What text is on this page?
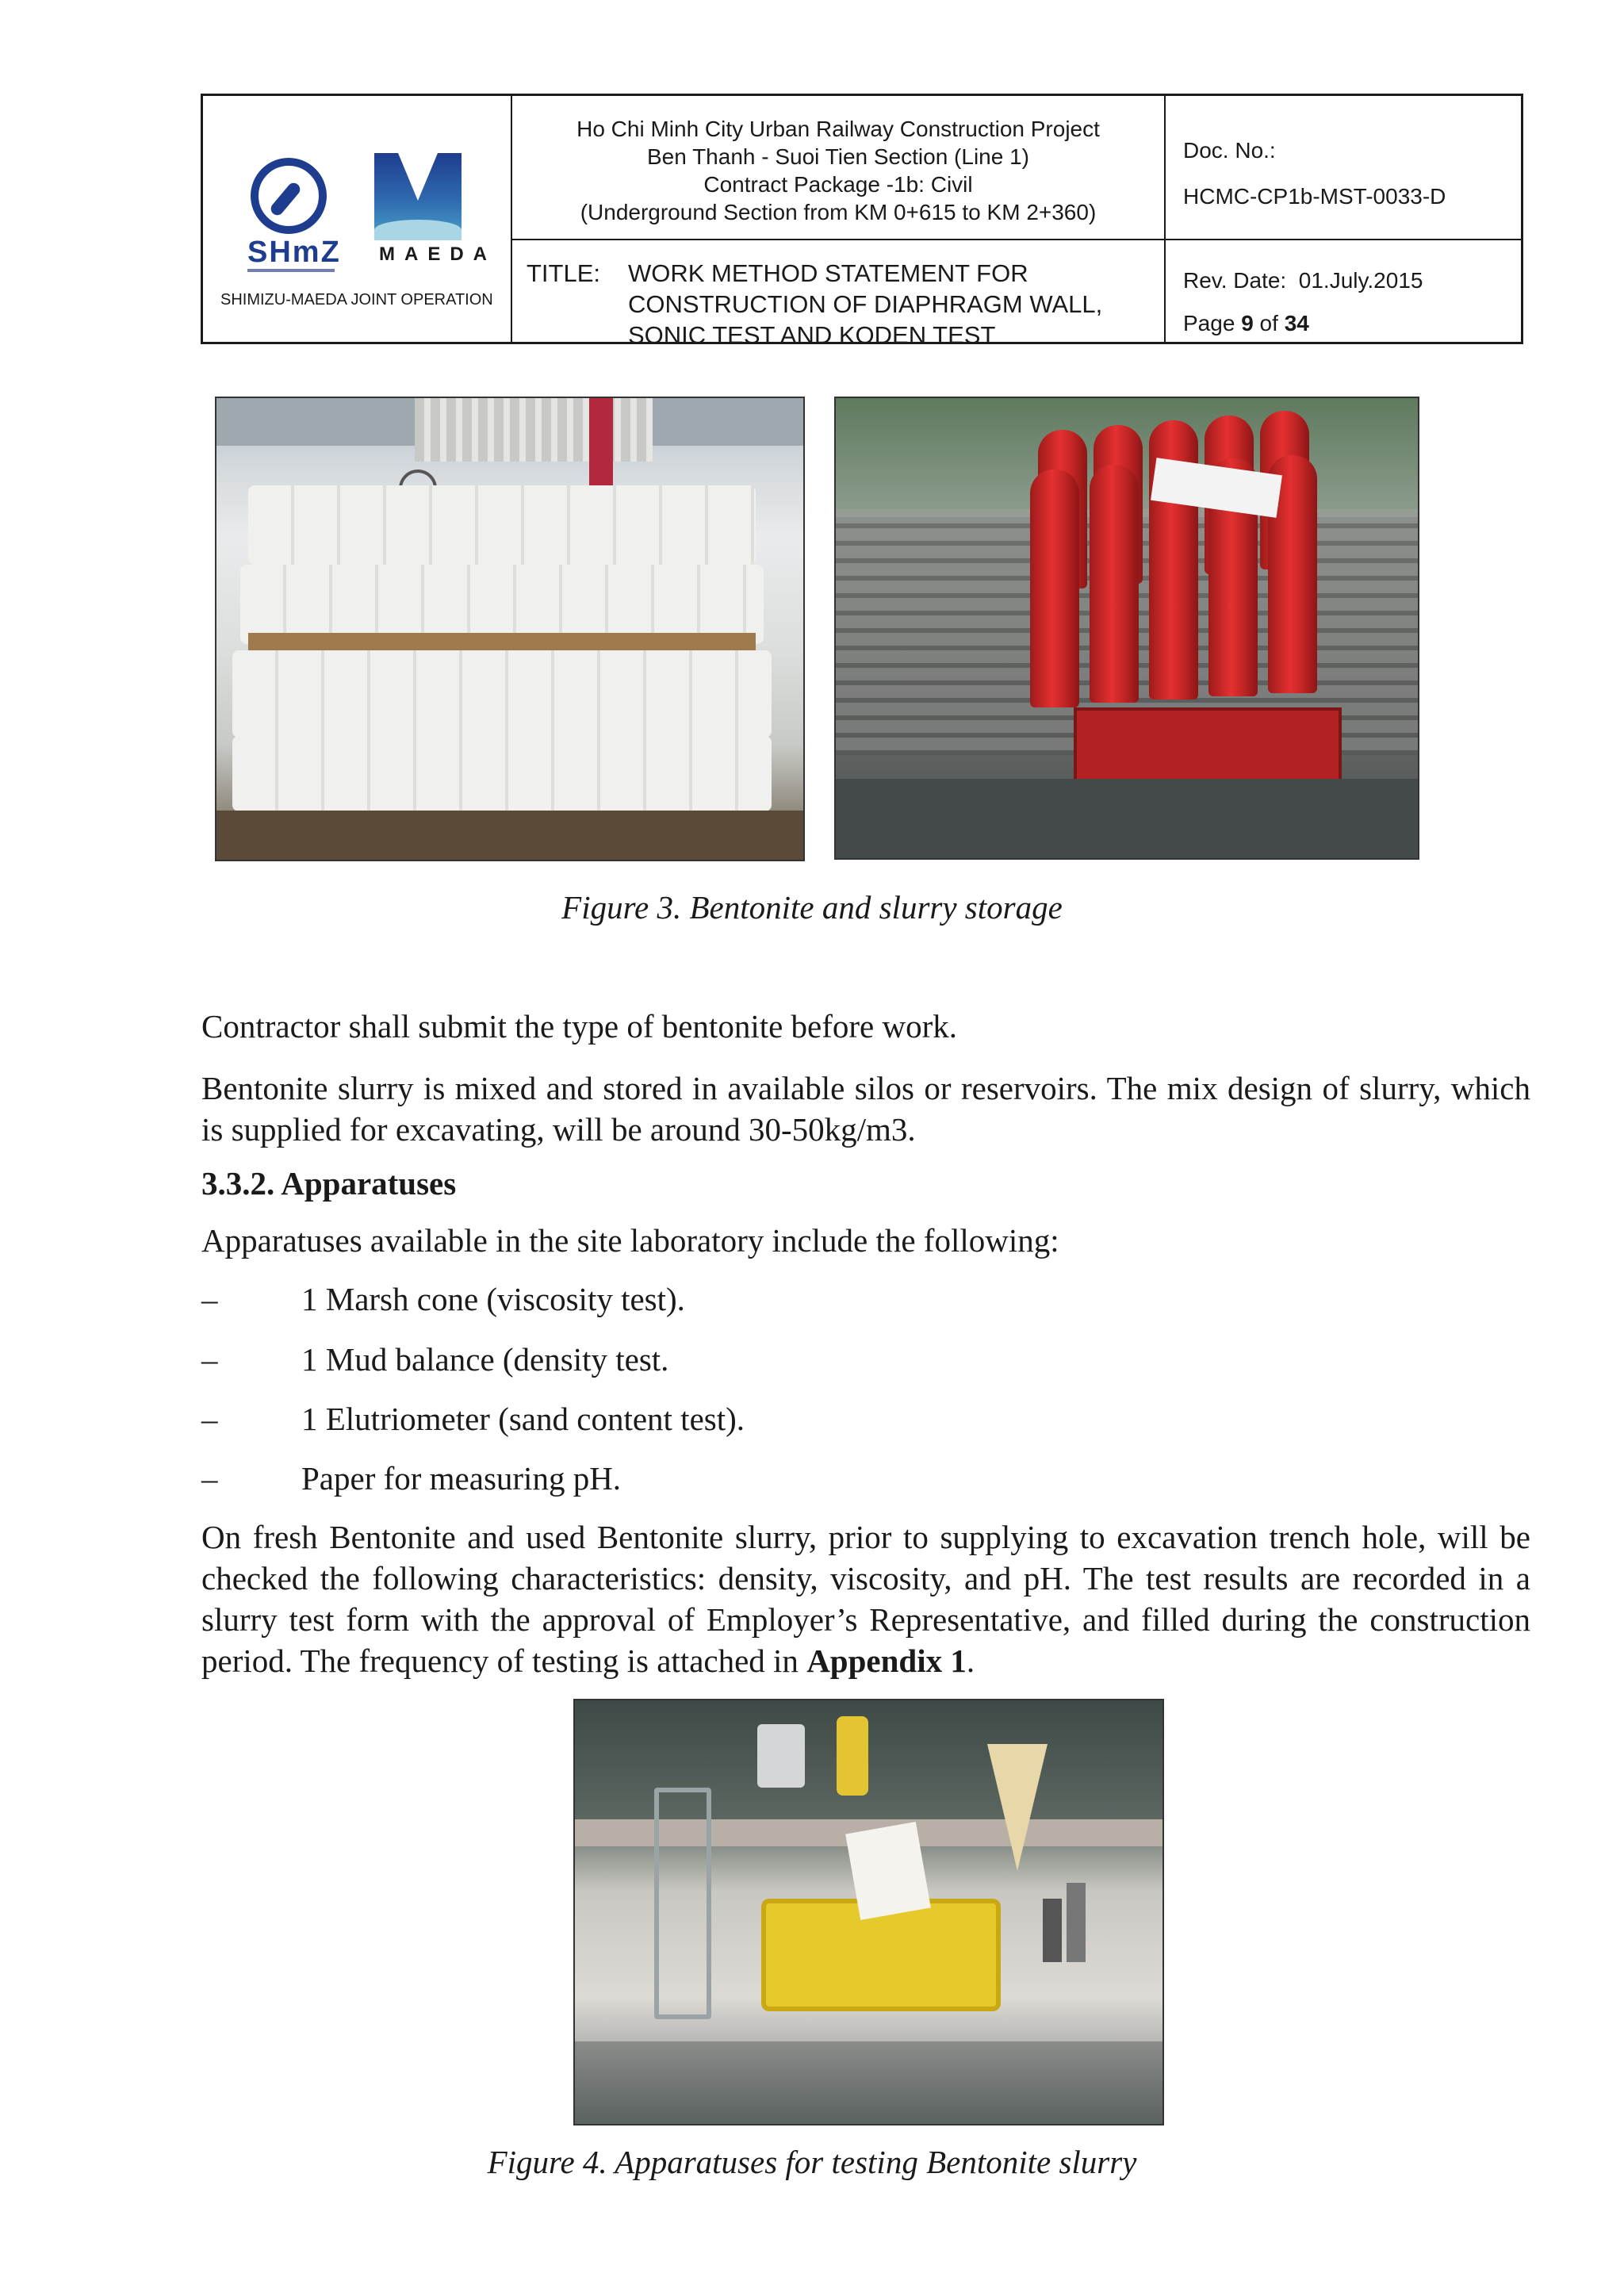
SHmZ MAEDA
SHIMIZU-MAEDA JOINT OPERATION
Ho Chi Minh City Urban Railway Construction Project
Ben Thanh - Suoi Tien Section (Line 1)
Contract Package -1b: Civil
(Underground Section from KM 0+615 to KM 2+360)
TITLE: WORK METHOD STATEMENT FOR
CONSTRUCTION OF DIAPHRAGM WALL,
SONIC TEST AND KODEN TEST
Doc. No.:
HCMC-CP1b-MST-0033-D
Rev. Date: 01.July.2015
Page 9 of 34
Figure 3. Bentonite and slurry storage
Contractor shall submit the type of bentonite before work.
Bentonite slurry is mixed and stored in available silos or reservoirs. The mix design of slurry, which is supplied for excavating, will be around 30-50kg/m3.
3.3.2. Apparatuses
Apparatuses available in the site laboratory include the following:
–	1 Marsh cone (viscosity test).
–	1 Mud balance (density test.
–	1 Elutriometer (sand content test).
–	Paper for measuring pH.
On fresh Bentonite and used Bentonite slurry, prior to supplying to excavation trench hole, will be checked the following characteristics: density, viscosity, and pH. The test results are recorded in a slurry test form with the approval of Employer’s Representative, and filled during the construction period. The frequency of testing is attached in Appendix 1.
Figure 4. Apparatuses for testing Bentonite slurry
